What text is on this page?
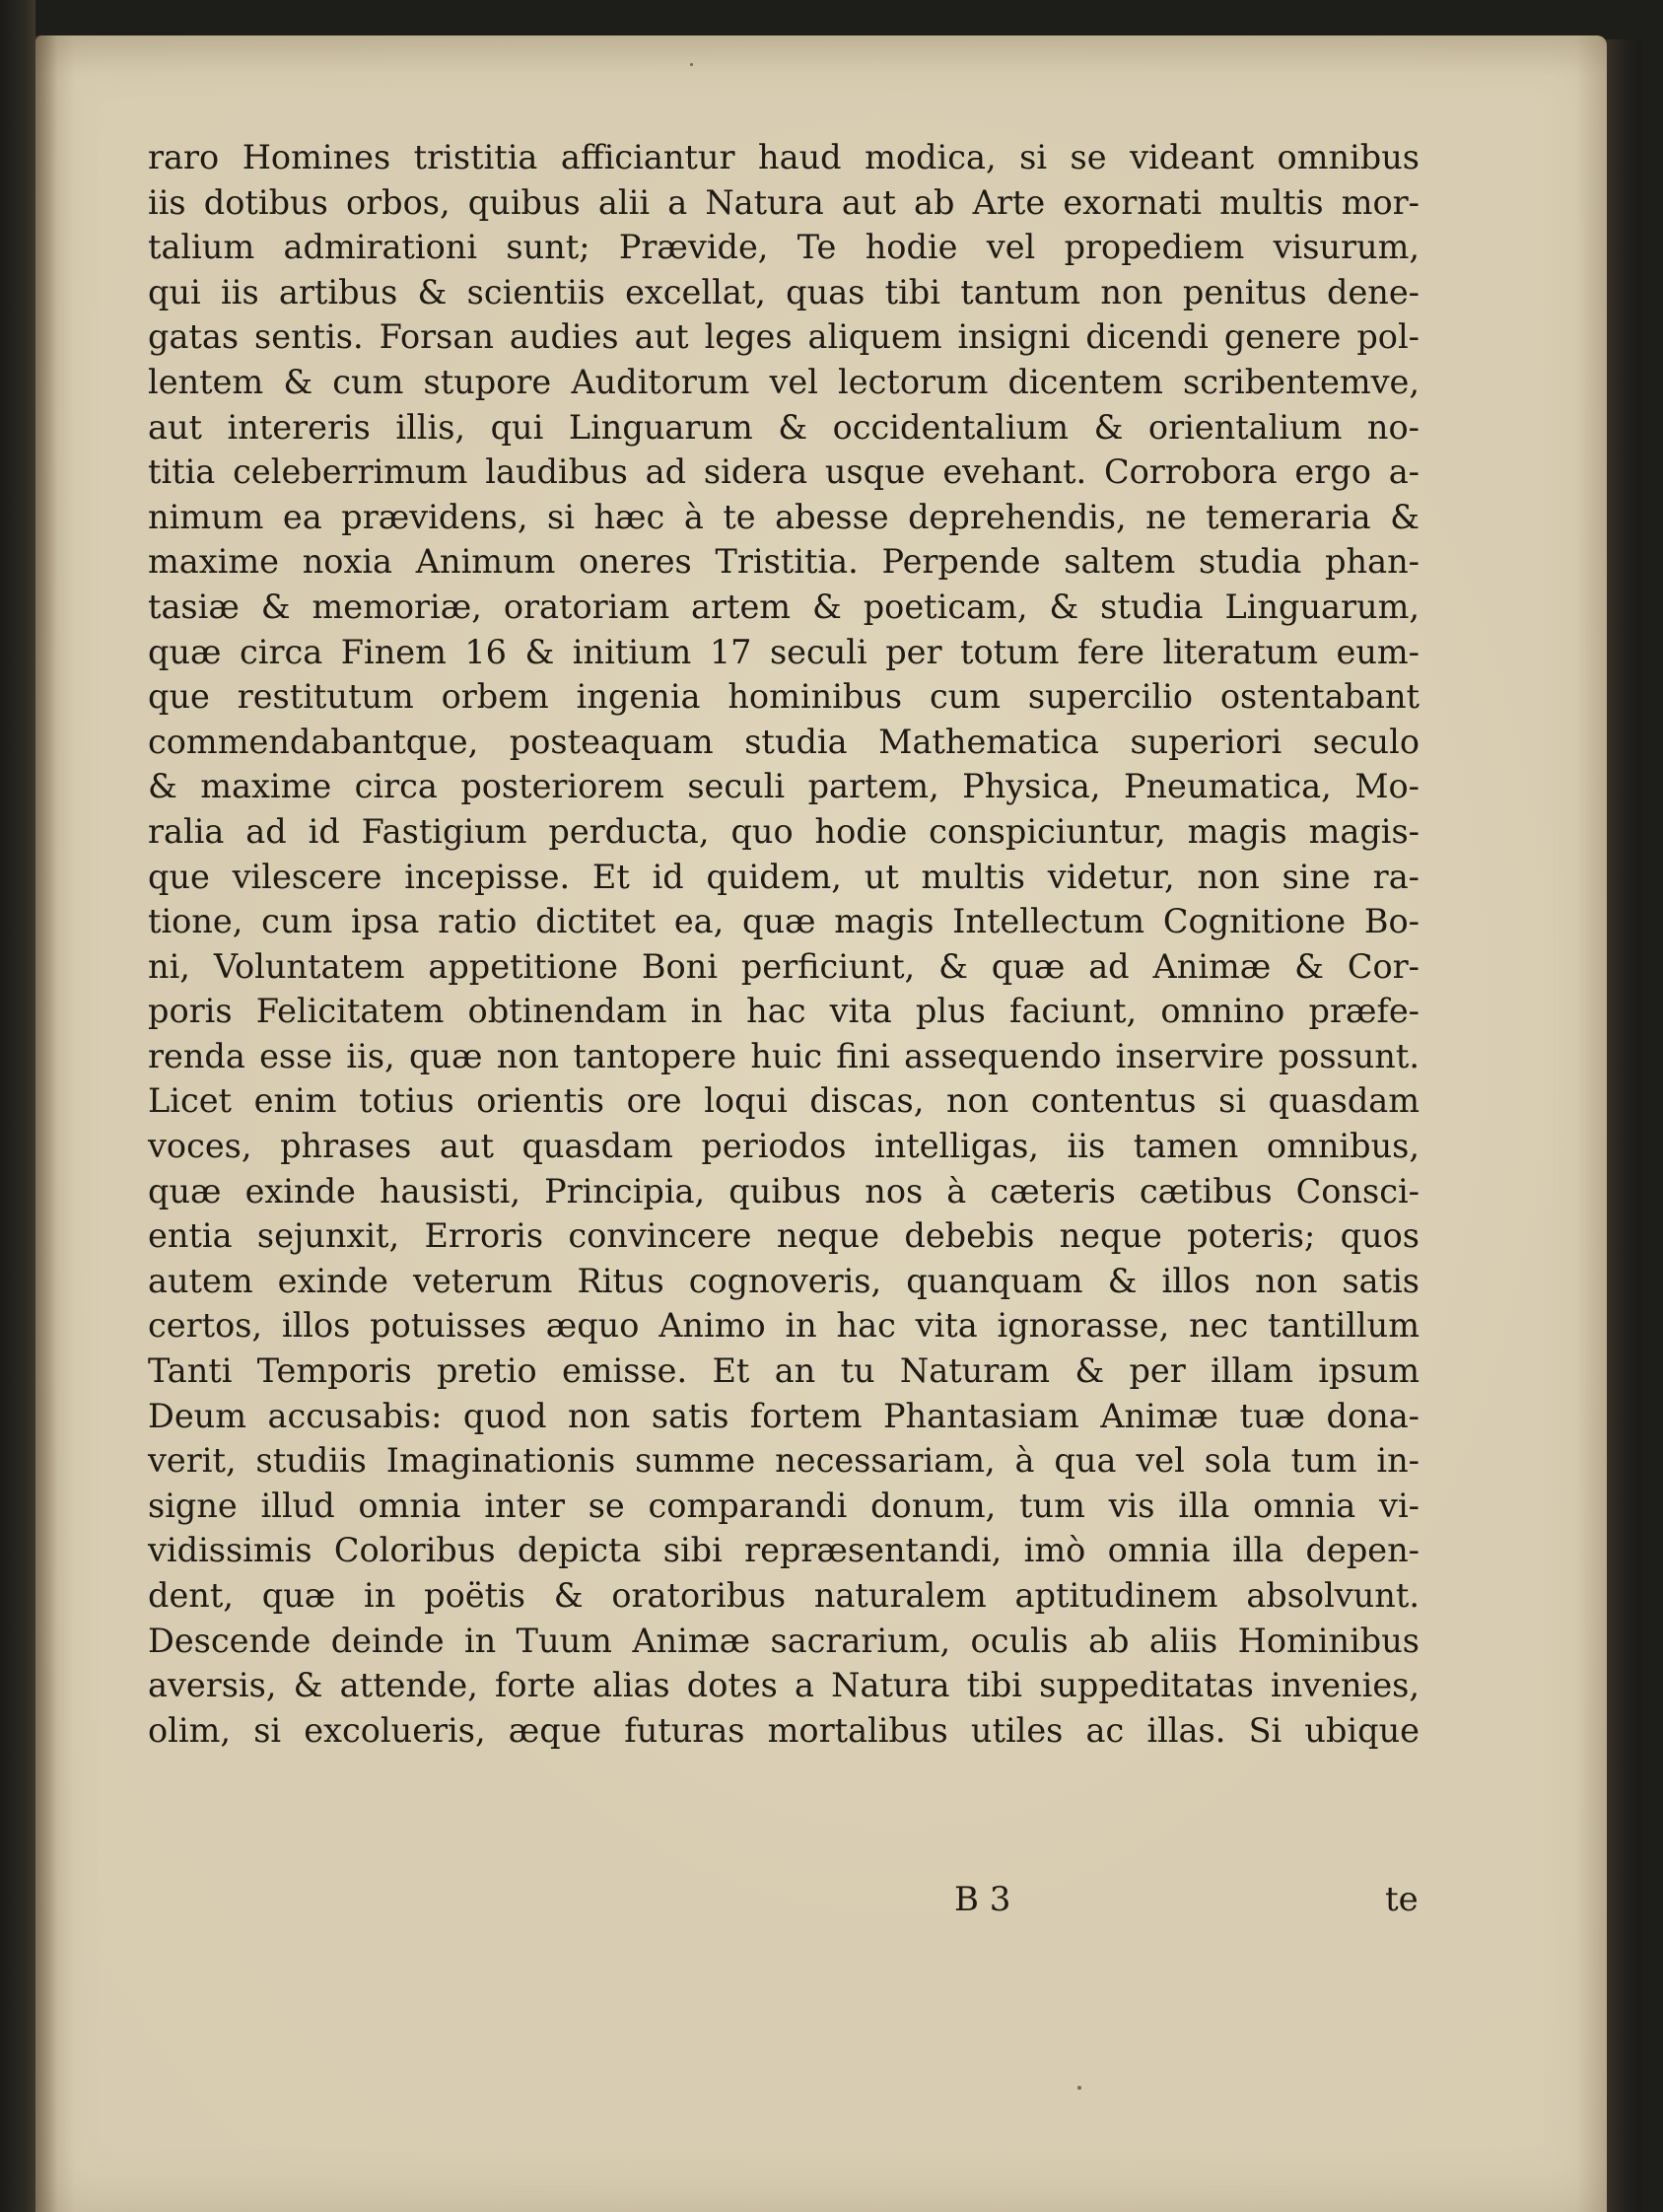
raro Homines tristitia afficiantur haud modica, si se videant omnibus
iis dotibus orbos, quibus alii a Natura aut ab Arte exornati multis mor-
talium admirationi sunt; Prævide, Te hodie vel propediem visurum,
qui iis artibus & scientiis excellat, quas tibi tantum non penitus dene-
gatas sentis. Forsan audies aut leges aliquem insigni dicendi genere pol-
lentem & cum stupore Auditorum vel lectorum dicentem scribentemve,
aut intereris illis, qui Linguarum & occidentalium & orientalium no-
titia celeberrimum laudibus ad sidera usque evehant. Corrobora ergo a-
nimum ea prævidens, si hæc à te abesse deprehendis, ne temeraria &
maxime noxia Animum oneres Tristitia. Perpende saltem studia phan-
tasiæ & memoriæ, oratoriam artem & poeticam, & studia Linguarum,
quæ circa Finem 16 & initium 17 seculi per totum fere literatum eum-
que restitutum orbem ingenia hominibus cum supercilio ostentabant
commendabantque, posteaquam studia Mathematica superiori seculo
& maxime circa posteriorem seculi partem, Physica, Pneumatica, Mo-
ralia ad id Fastigium perducta, quo hodie conspiciuntur, magis magis-
que vilescere incepisse. Et id quidem, ut multis videtur, non sine ra-
tione, cum ipsa ratio dictitet ea, quæ magis Intellectum Cognitione Bo-
ni, Voluntatem appetitione Boni perficiunt, & quæ ad Animæ & Cor-
poris Felicitatem obtinendam in hac vita plus faciunt, omnino præfe-
renda esse iis, quæ non tantopere huic fini assequendo inservire possunt.
Licet enim totius orientis ore loqui discas, non contentus si quasdam
voces, phrases aut quasdam periodos intelligas, iis tamen omnibus,
quæ exinde hausisti, Principia, quibus nos à cæteris cætibus Consci-
entia sejunxit, Erroris convincere neque debebis neque poteris; quos
autem exinde veterum Ritus cognoveris, quanquam & illos non satis
certos, illos potuisses æquo Animo in hac vita ignorasse, nec tantillum
Tanti Temporis pretio emisse. Et an tu Naturam & per illam ipsum
Deum accusabis: quod non satis fortem Phantasiam Animæ tuæ dona-
verit, studiis Imaginationis summe necessariam, à qua vel sola tum in-
signe illud omnia inter se comparandi donum, tum vis illa omnia vi-
vidissimis Coloribus depicta sibi repræsentandi, imò omnia illa depen-
dent, quæ in poëtis & oratoribus naturalem aptitudinem absolvunt.
Descende deinde in Tuum Animæ sacrarium, oculis ab aliis Hominibus
aversis, & attende, forte alias dotes a Natura tibi suppeditatas invenies,
olim, si excolueris, æque futuras mortalibus utiles ac illas. Si ubique
B 3	te
